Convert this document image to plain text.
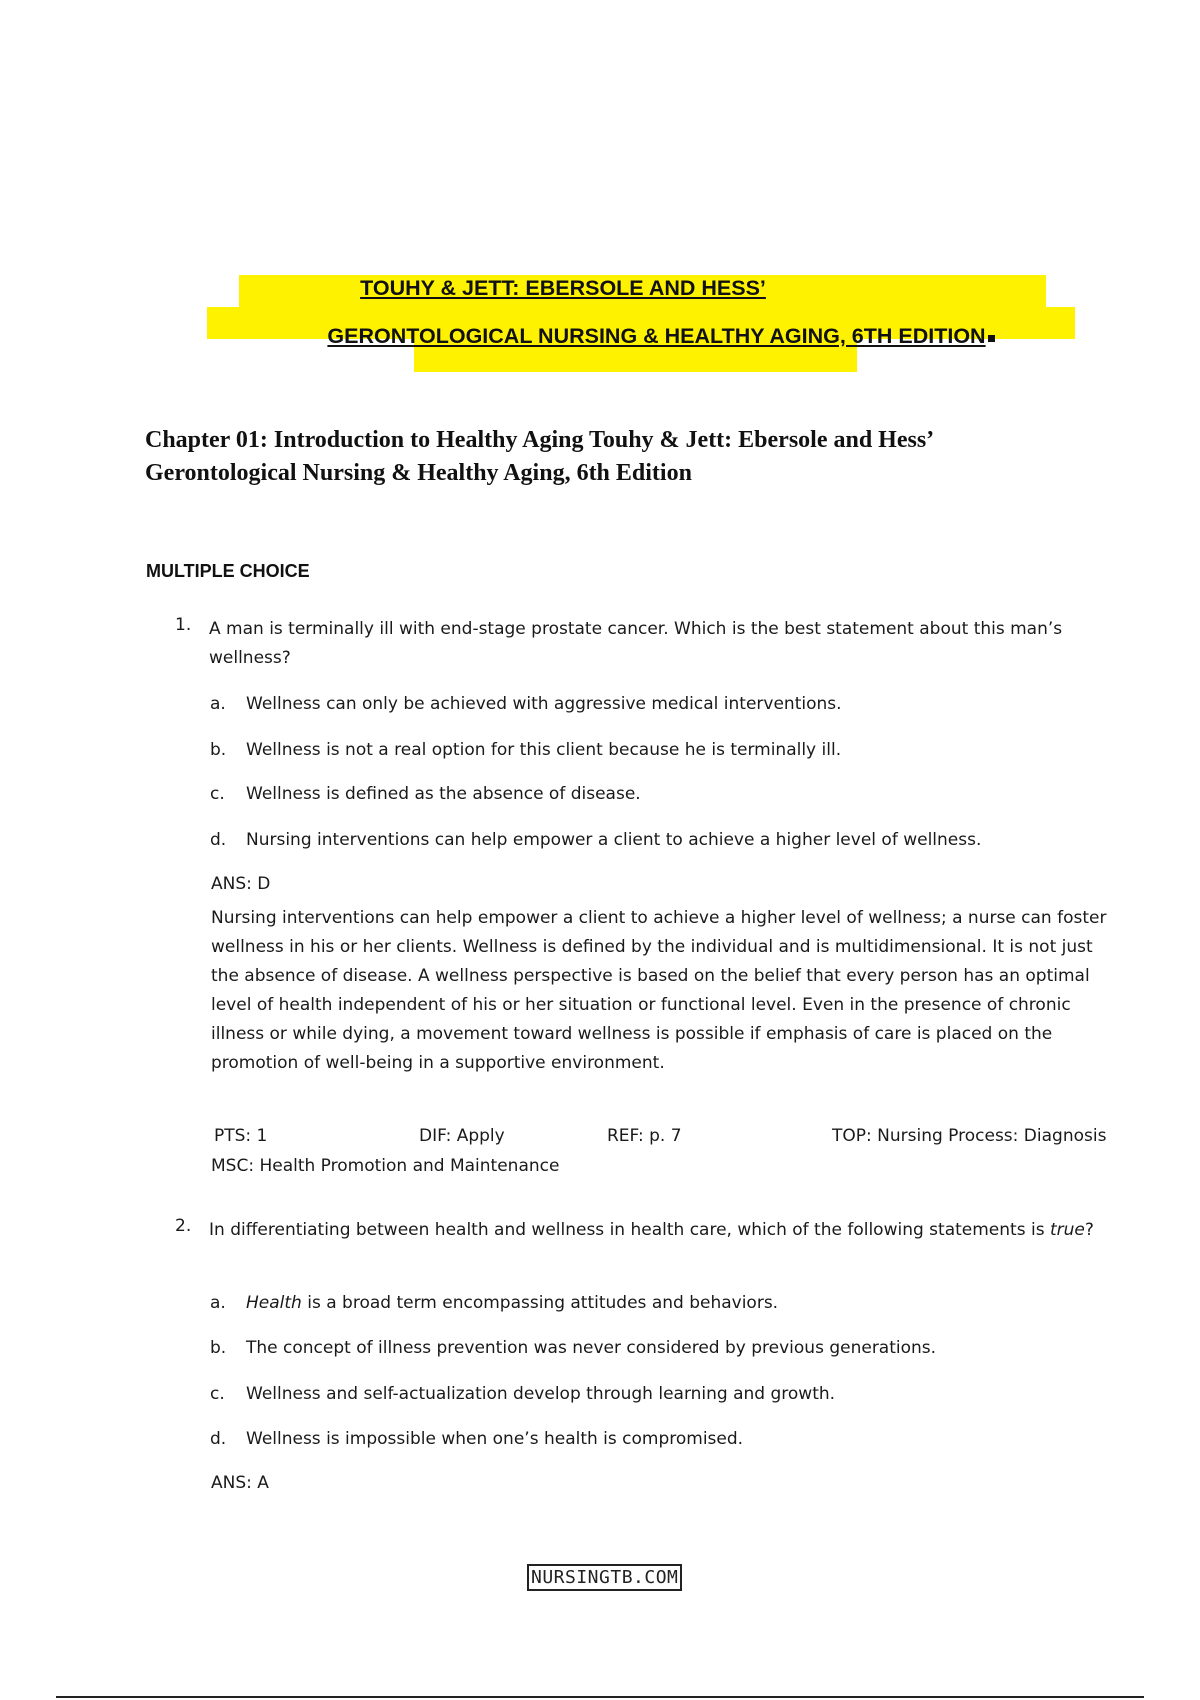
TOUHY & JETT: EBERSOLE AND HESS’
GERONTOLOGICAL NURSING & HEALTHY AGING, 6TH EDITION
Chapter 01: Introduction to Healthy Aging Touhy & Jett: Ebersole and Hess’ Gerontological Nursing & Healthy Aging, 6th Edition
MULTIPLE CHOICE
1. A man is terminally ill with end-stage prostate cancer. Which is the best statement about this man’s wellness?
a. Wellness can only be achieved with aggressive medical interventions.
b. Wellness is not a real option for this client because he is terminally ill.
c. Wellness is defined as the absence of disease.
d. Nursing interventions can help empower a client to achieve a higher level of wellness.
ANS: D
Nursing interventions can help empower a client to achieve a higher level of wellness; a nurse can foster wellness in his or her clients. Wellness is defined by the individual and is multidimensional. It is not just the absence of disease. A wellness perspective is based on the belief that every person has an optimal level of health independent of his or her situation or functional level. Even in the presence of chronic illness or while dying, a movement toward wellness is possible if emphasis of care is placed on the promotion of well-being in a supportive environment.
PTS: 1	DIF: Apply	REF: p. 7	TOP: Nursing Process: Diagnosis
MSC: Health Promotion and Maintenance
2. In differentiating between health and wellness in health care, which of the following statements is true?
a. Health is a broad term encompassing attitudes and behaviors.
b. The concept of illness prevention was never considered by previous generations.
c. Wellness and self-actualization develop through learning and growth.
d. Wellness is impossible when one’s health is compromised.
ANS: A
NURSINGTB.COM
